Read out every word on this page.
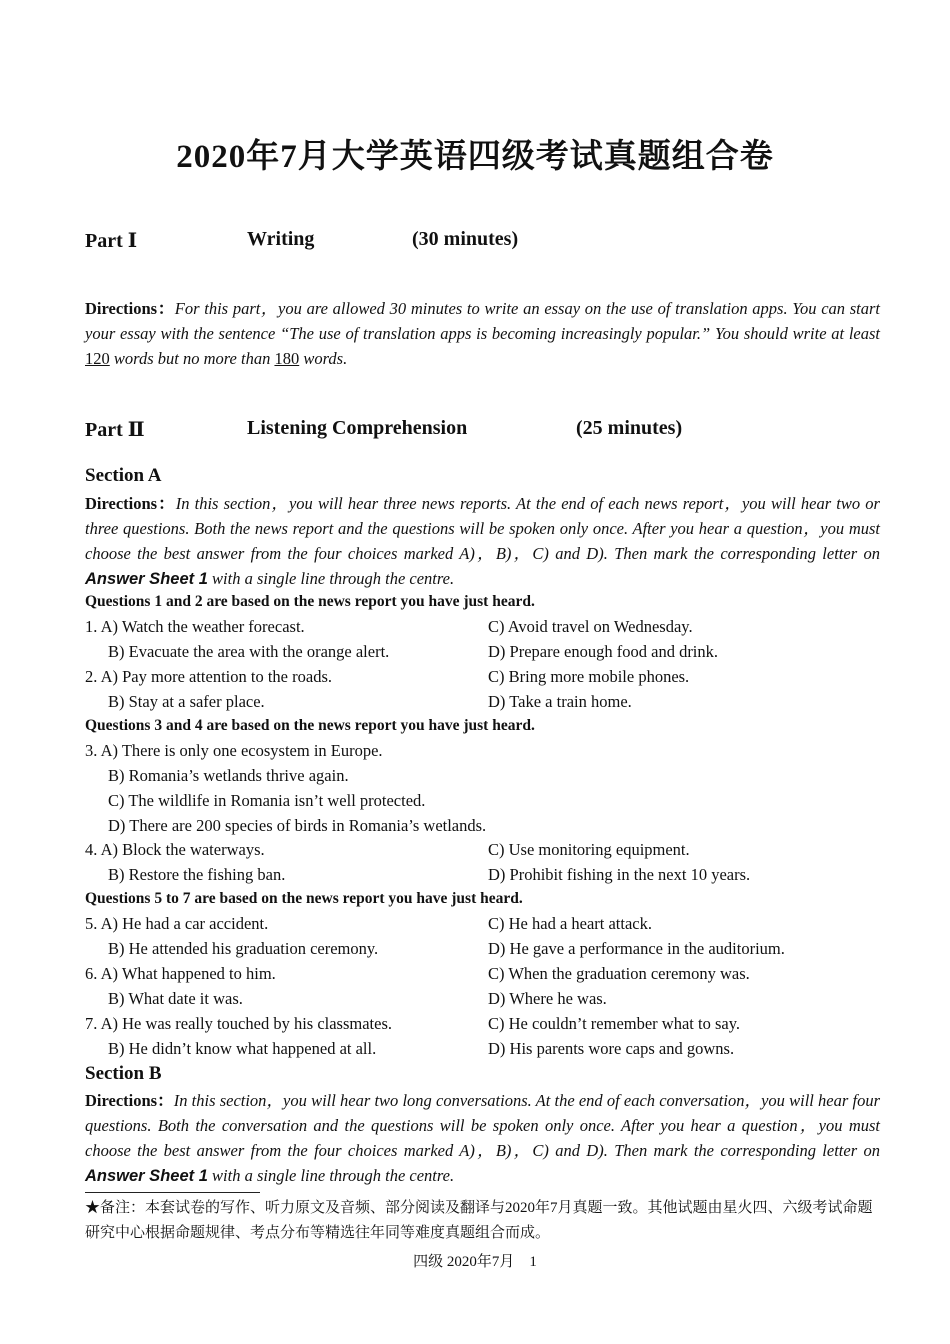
2020年7月大学英语四级考试真题组合卷
Part Ⅰ	Writing	(30 minutes)
Directions：For this part，you are allowed 30 minutes to write an essay on the use of translation apps. You can start your essay with the sentence “The use of translation apps is becoming increasingly popular.” You should write at least 120 words but no more than 180 words.
Part Ⅱ	Listening Comprehension	(25 minutes)
Section A
Directions：In this section，you will hear three news reports. At the end of each news report，you will hear two or three questions. Both the news report and the questions will be spoken only once. After you hear a question，you must choose the best answer from the four choices marked A)，B)，C) and D). Then mark the corresponding letter on Answer Sheet 1 with a single line through the centre.
Questions 1 and 2 are based on the news report you have just heard.
1. A) Watch the weather forecast.	C) Avoid travel on Wednesday.
B) Evacuate the area with the orange alert.	D) Prepare enough food and drink.
2. A) Pay more attention to the roads.	C) Bring more mobile phones.
B) Stay at a safer place.	D) Take a train home.
Questions 3 and 4 are based on the news report you have just heard.
3. A) There is only one ecosystem in Europe.
B) Romania’s wetlands thrive again.
C) The wildlife in Romania isn’t well protected.
D) There are 200 species of birds in Romania’s wetlands.
4. A) Block the waterways.	C) Use monitoring equipment.
B) Restore the fishing ban.	D) Prohibit fishing in the next 10 years.
Questions 5 to 7 are based on the news report you have just heard.
5. A) He had a car accident.	C) He had a heart attack.
B) He attended his graduation ceremony.	D) He gave a performance in the auditorium.
6. A) What happened to him.	C) When the graduation ceremony was.
B) What date it was.	D) Where he was.
7. A) He was really touched by his classmates.	C) He couldn’t remember what to say.
B) He didn’t know what happened at all.	D) His parents wore caps and gowns.
Section B
Directions：In this section，you will hear two long conversations. At the end of each conversation，you will hear four questions. Both the conversation and the questions will be spoken only once. After you hear a question，you must choose the best answer from the four choices marked A)，B)，C) and D). Then mark the corresponding letter on Answer Sheet 1 with a single line through the centre.
★备注：本套试卷的写作、听力原文及音频、部分阅读及翻译与2020年7月真题一致。其他试题由星火四、六级考试命题研究中心根据命题规律、考点分布等精选往年同等难度真题组合而成。
四级 2020年7月　1
